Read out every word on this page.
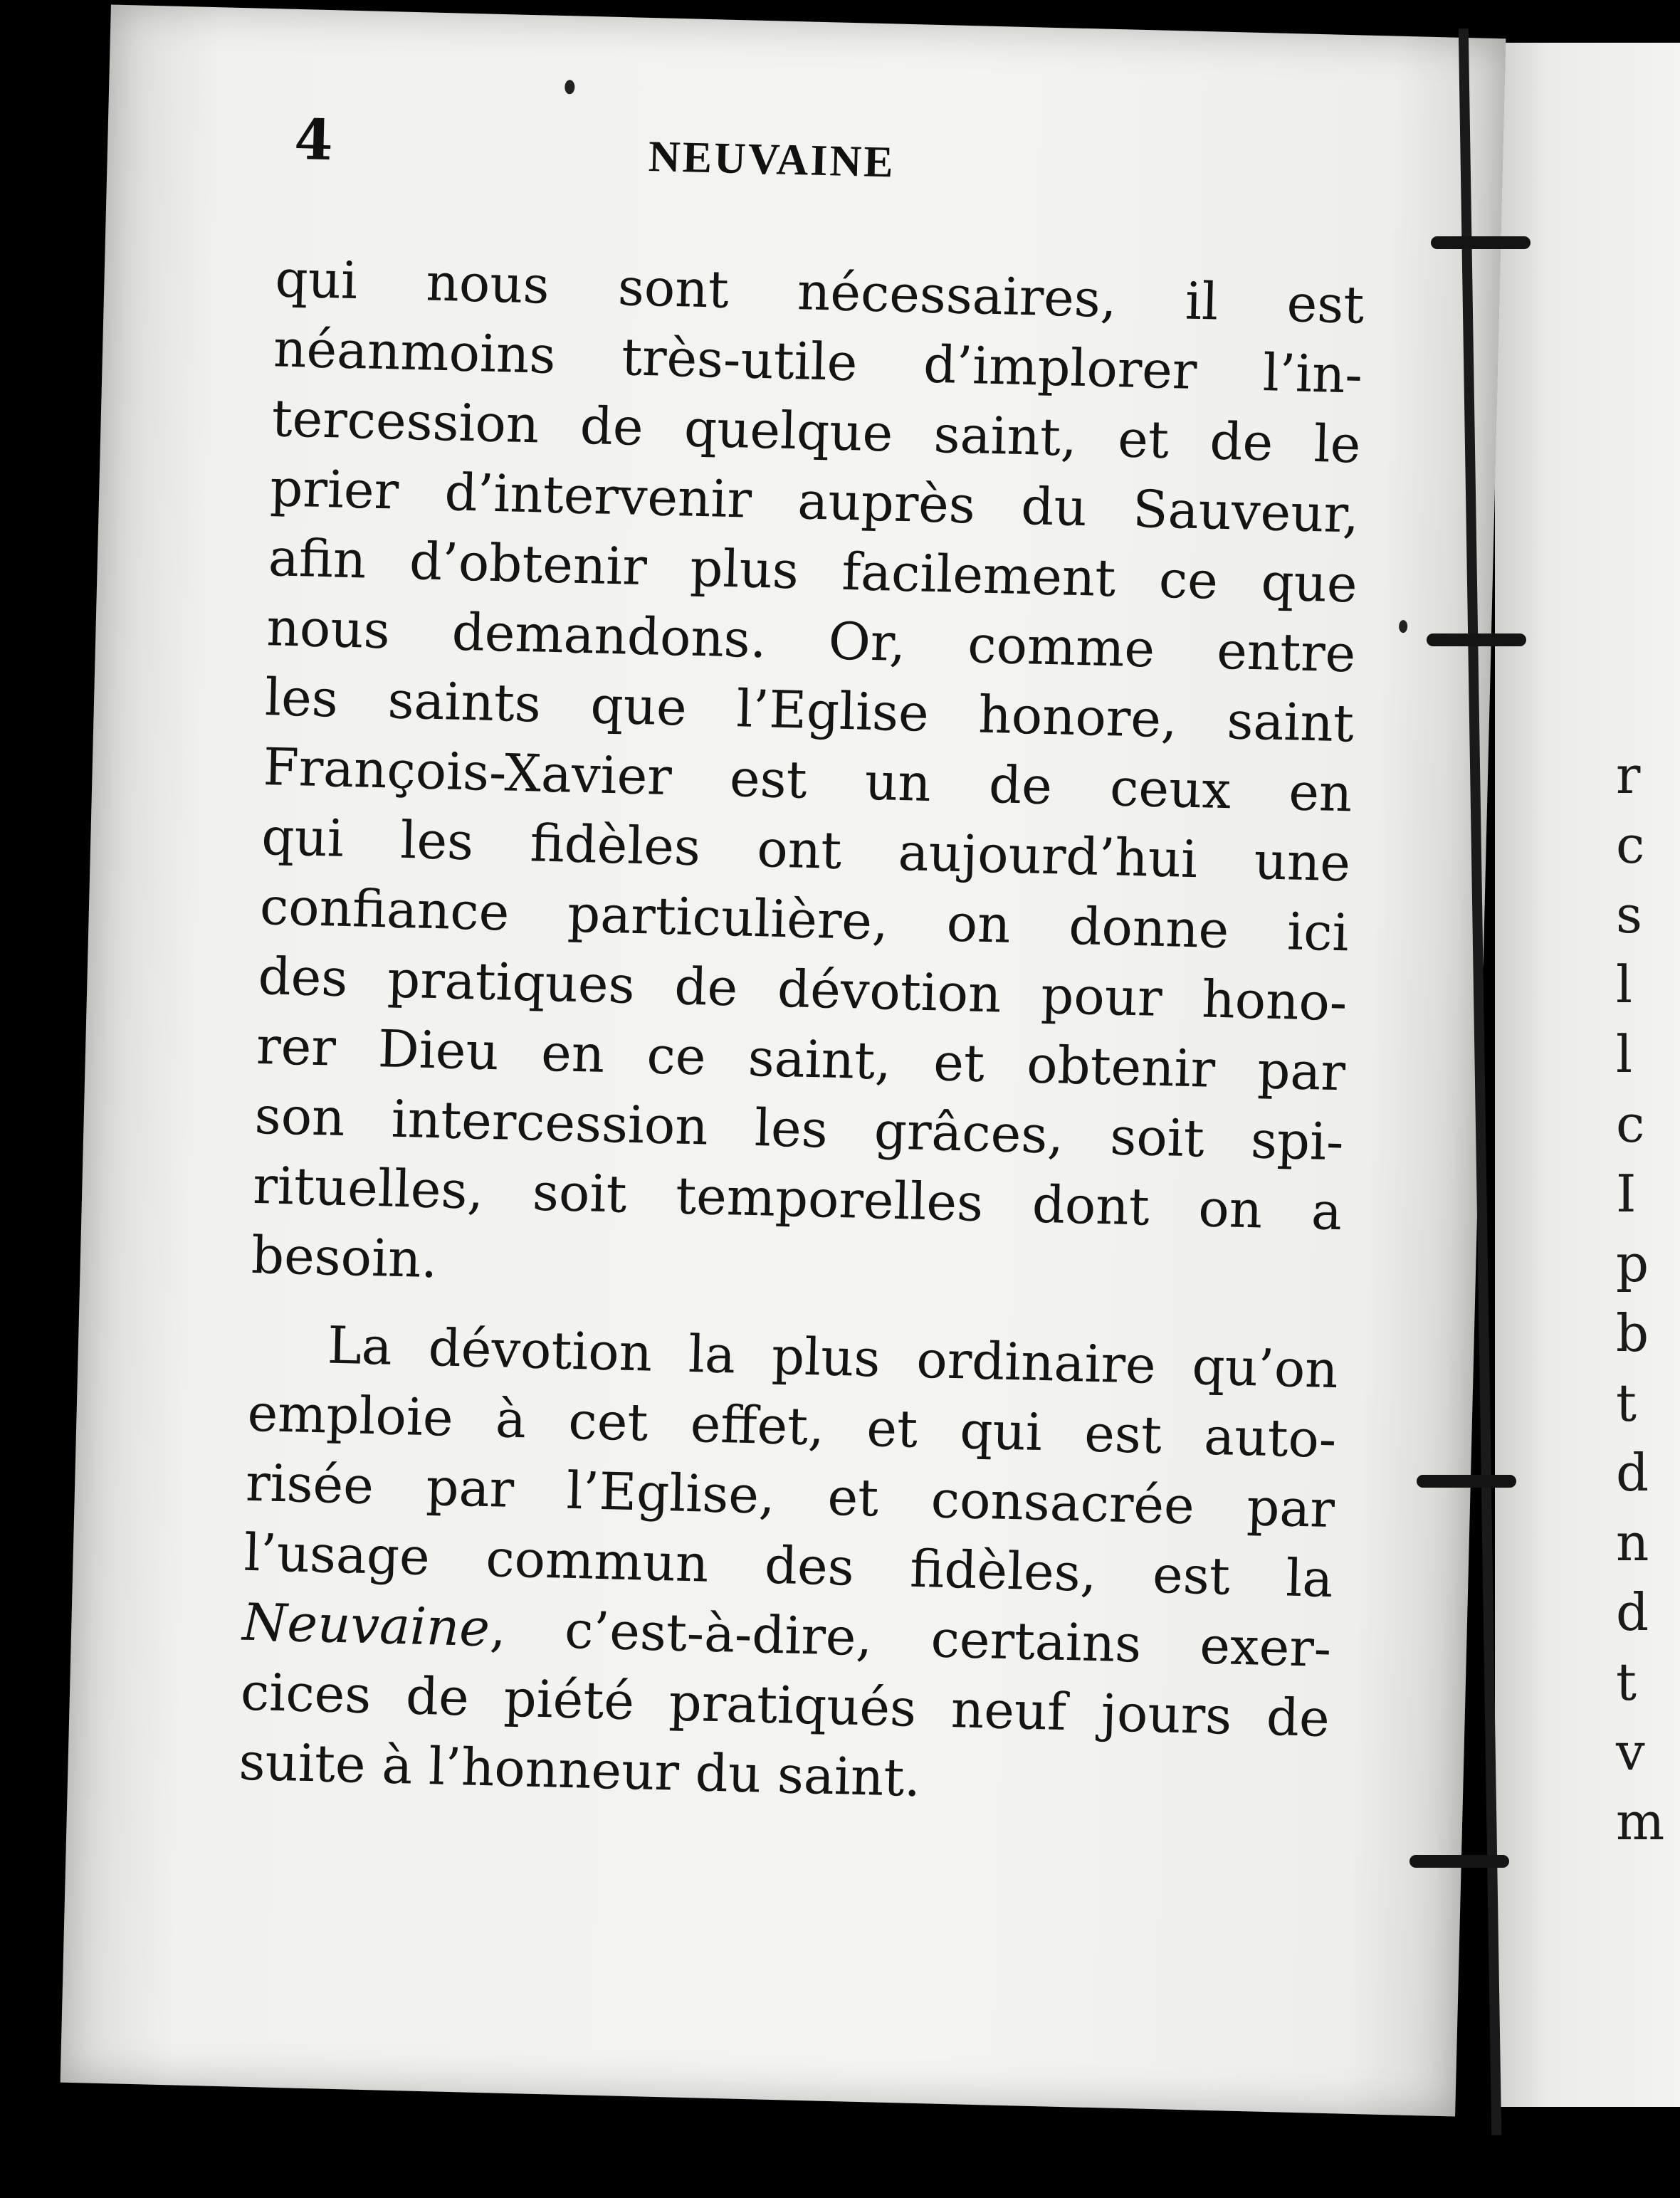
r
c
s
l
l
c
I
p
b
t
d
n
d
t
v
m
4	NEUVAINE
qui nous sont nécessaires, il est
néanmoins très-utile d’implorer l’in-
tercession de quelque saint, et de le
prier d’intervenir auprès du Sauveur,
afin d’obtenir plus facilement ce que
nous demandons. Or, comme entre
les saints que l’Eglise honore, saint
François-Xavier est un de ceux en
qui les fidèles ont aujourd’hui une
confiance particulière, on donne ici
des pratiques de dévotion pour hono-
rer Dieu en ce saint, et obtenir par
son intercession les grâces, soit spi-
rituelles, soit temporelles dont on a
besoin.
La dévotion la plus ordinaire qu’on
emploie à cet effet, et qui est auto-
risée par l’Eglise, et consacrée par
l’usage commun des fidèles, est la
Neuvaine, c’est-à-dire, certains exer-
cices de piété pratiqués neuf jours de
suite à l’honneur du saint.
